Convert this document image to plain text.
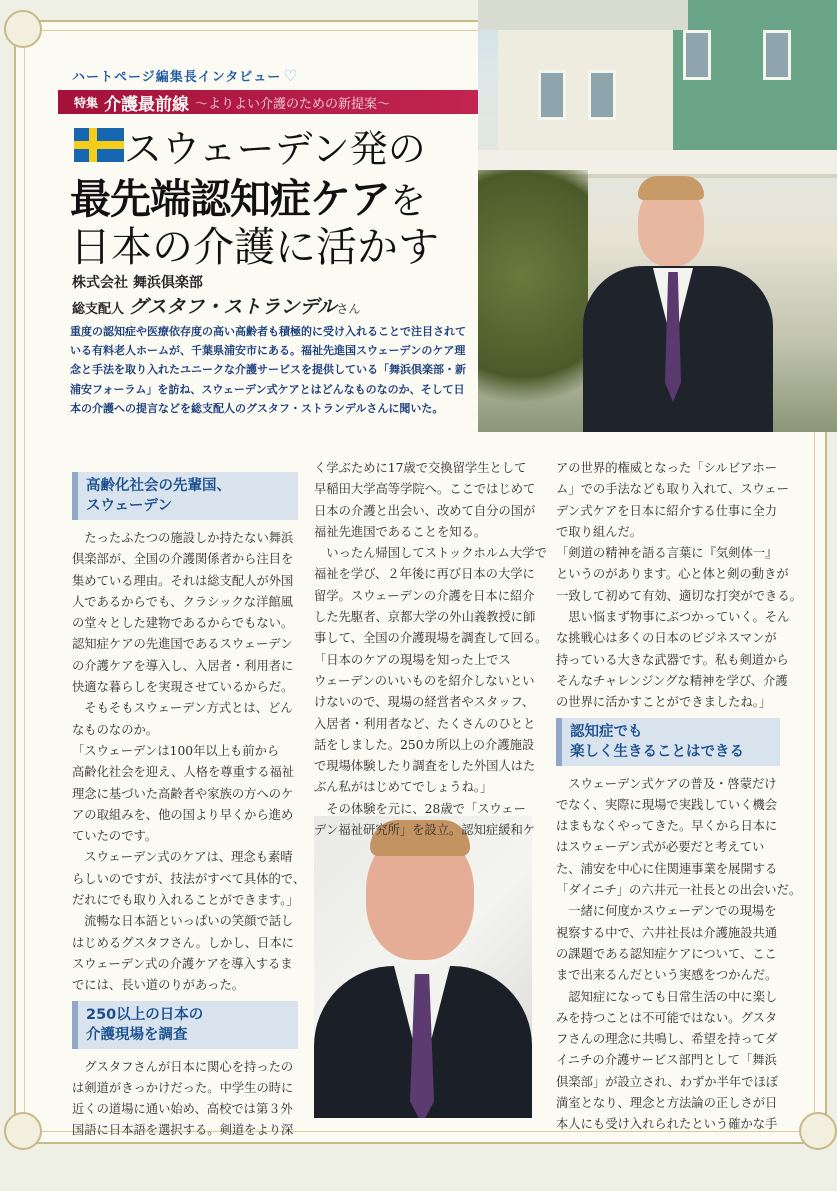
ハートページ編集長インタビュー ♡
特集 介護最前線 〜よりよい介護のための新提案〜
スウェーデン発の
最先端認知症ケアを
日本の介護に活かす
株式会社 舞浜倶楽部
総支配人 グスタフ・ストランデルさん

重度の認知症や医療依存度の高い高齢者も積極的に受け入れることで注目されている有料老人ホームが、千葉県浦安市にある。福祉先進国スウェーデンのケア理念と手法を取り入れたユニークな介護サービスを提供している「舞浜倶楽部・新浦安フォーラム」を訪ね、スウェーデン式ケアとはどんなものなのか、そして日本の介護への提言などを総支配人のグスタフ・ストランデルさんに聞いた。

高齢化社会の先輩国、
スウェーデン

たったふたつの施設しか持たない舞浜

倶楽部が、全国の介護関係者から注目を

集めている理由。それは総支配人が外国

人であるからでも、クラシックな洋館風

の堂々とした建物であるからでもない。

認知症ケアの先進国であるスウェーデン

の介護ケアを導入し、入居者・利用者に

快適な暮らしを実現させているからだ。

そもそもスウェーデン方式とは、どん

なものなのか。

「スウェーデンは100年以上も前から

高齢化社会を迎え、人格を尊重する福祉

理念に基づいた高齢者や家族の方へのケ

アの取組みを、他の国より早くから進め

ていたのです。

スウェーデン式のケアは、理念も素晴

らしいのですが、技法がすべて具体的で、

だれにでも取り入れることができます。」

流暢な日本語といっぱいの笑顔で話し

はじめるグスタフさん。しかし、日本に

スウェーデン式の介護ケアを導入するま

でには、長い道のりがあった。

250以上の日本の
介護現場を調査

グスタフさんが日本に関心を持ったの

は剣道がきっかけだった。中学生の時に

近くの道場に通い始め、高校では第３外

国語に日本語を選択する。剣道をより深

く学ぶために17歳で交換留学生として

早稲田大学高等学院へ。ここではじめて

日本の介護と出会い、改めて自分の国が

福祉先進国であることを知る。

いったん帰国してストックホルム大学で

福祉を学び、２年後に再び日本の大学に

留学。スウェーデンの介護を日本に紹介

した先駆者、京都大学の外山義教授に師

事して、全国の介護現場を調査して回る。

「日本のケアの現場を知った上でス

ウェーデンのいいものを紹介しないとい

けないので、現場の経営者やスタッフ、

入居者・利用者など、たくさんのひとと

話をしました。250カ所以上の介護施設

で現場体験したり調査をした外国人はた

ぶん私がはじめてでしょうね。」

その体験を元に、28歳で「スウェー

デン福祉研究所」を設立。認知症緩和ケ

アの世界的権威となった「シルビアホー

ム」での手法なども取り入れて、スウェー

デン式ケアを日本に紹介する仕事に全力

で取り組んだ。

「剣道の精神を語る言葉に『気剣体一』

というのがあります。心と体と剣の動きが

一致して初めて有効、適切な打突ができる。

思い悩まず物事にぶつかっていく。そん

な挑戦心は多くの日本のビジネスマンが

持っている大きな武器です。私も剣道から

そんなチャレンジングな精神を学び、介護

の世界に活かすことができましたね。」

認知症でも
楽しく生きることはできる

スウェーデン式ケアの普及・啓蒙だけ

でなく、実際に現場で実践していく機会

はまもなくやってきた。早くから日本に

はスウェーデン式が必要だと考えてい

た、浦安を中心に住関連事業を展開する

「ダイニチ」の六井元一社長との出会いだ。

一緒に何度かスウェーデンでの現場を

視察する中で、六井社長は介護施設共通

の課題である認知症ケアについて、ここ

まで出来るんだという実感をつかんだ。

認知症になっても日常生活の中に楽し

みを持つことは不可能ではない。グスタ

フさんの理念に共鳴し、希望を持ってダ

イニチの介護サービス部門として「舞浜

倶楽部」が設立され、わずか半年でほぼ

満室となり、理念と方法論の正しさが日

本人にも受け入れられたという確かな手
